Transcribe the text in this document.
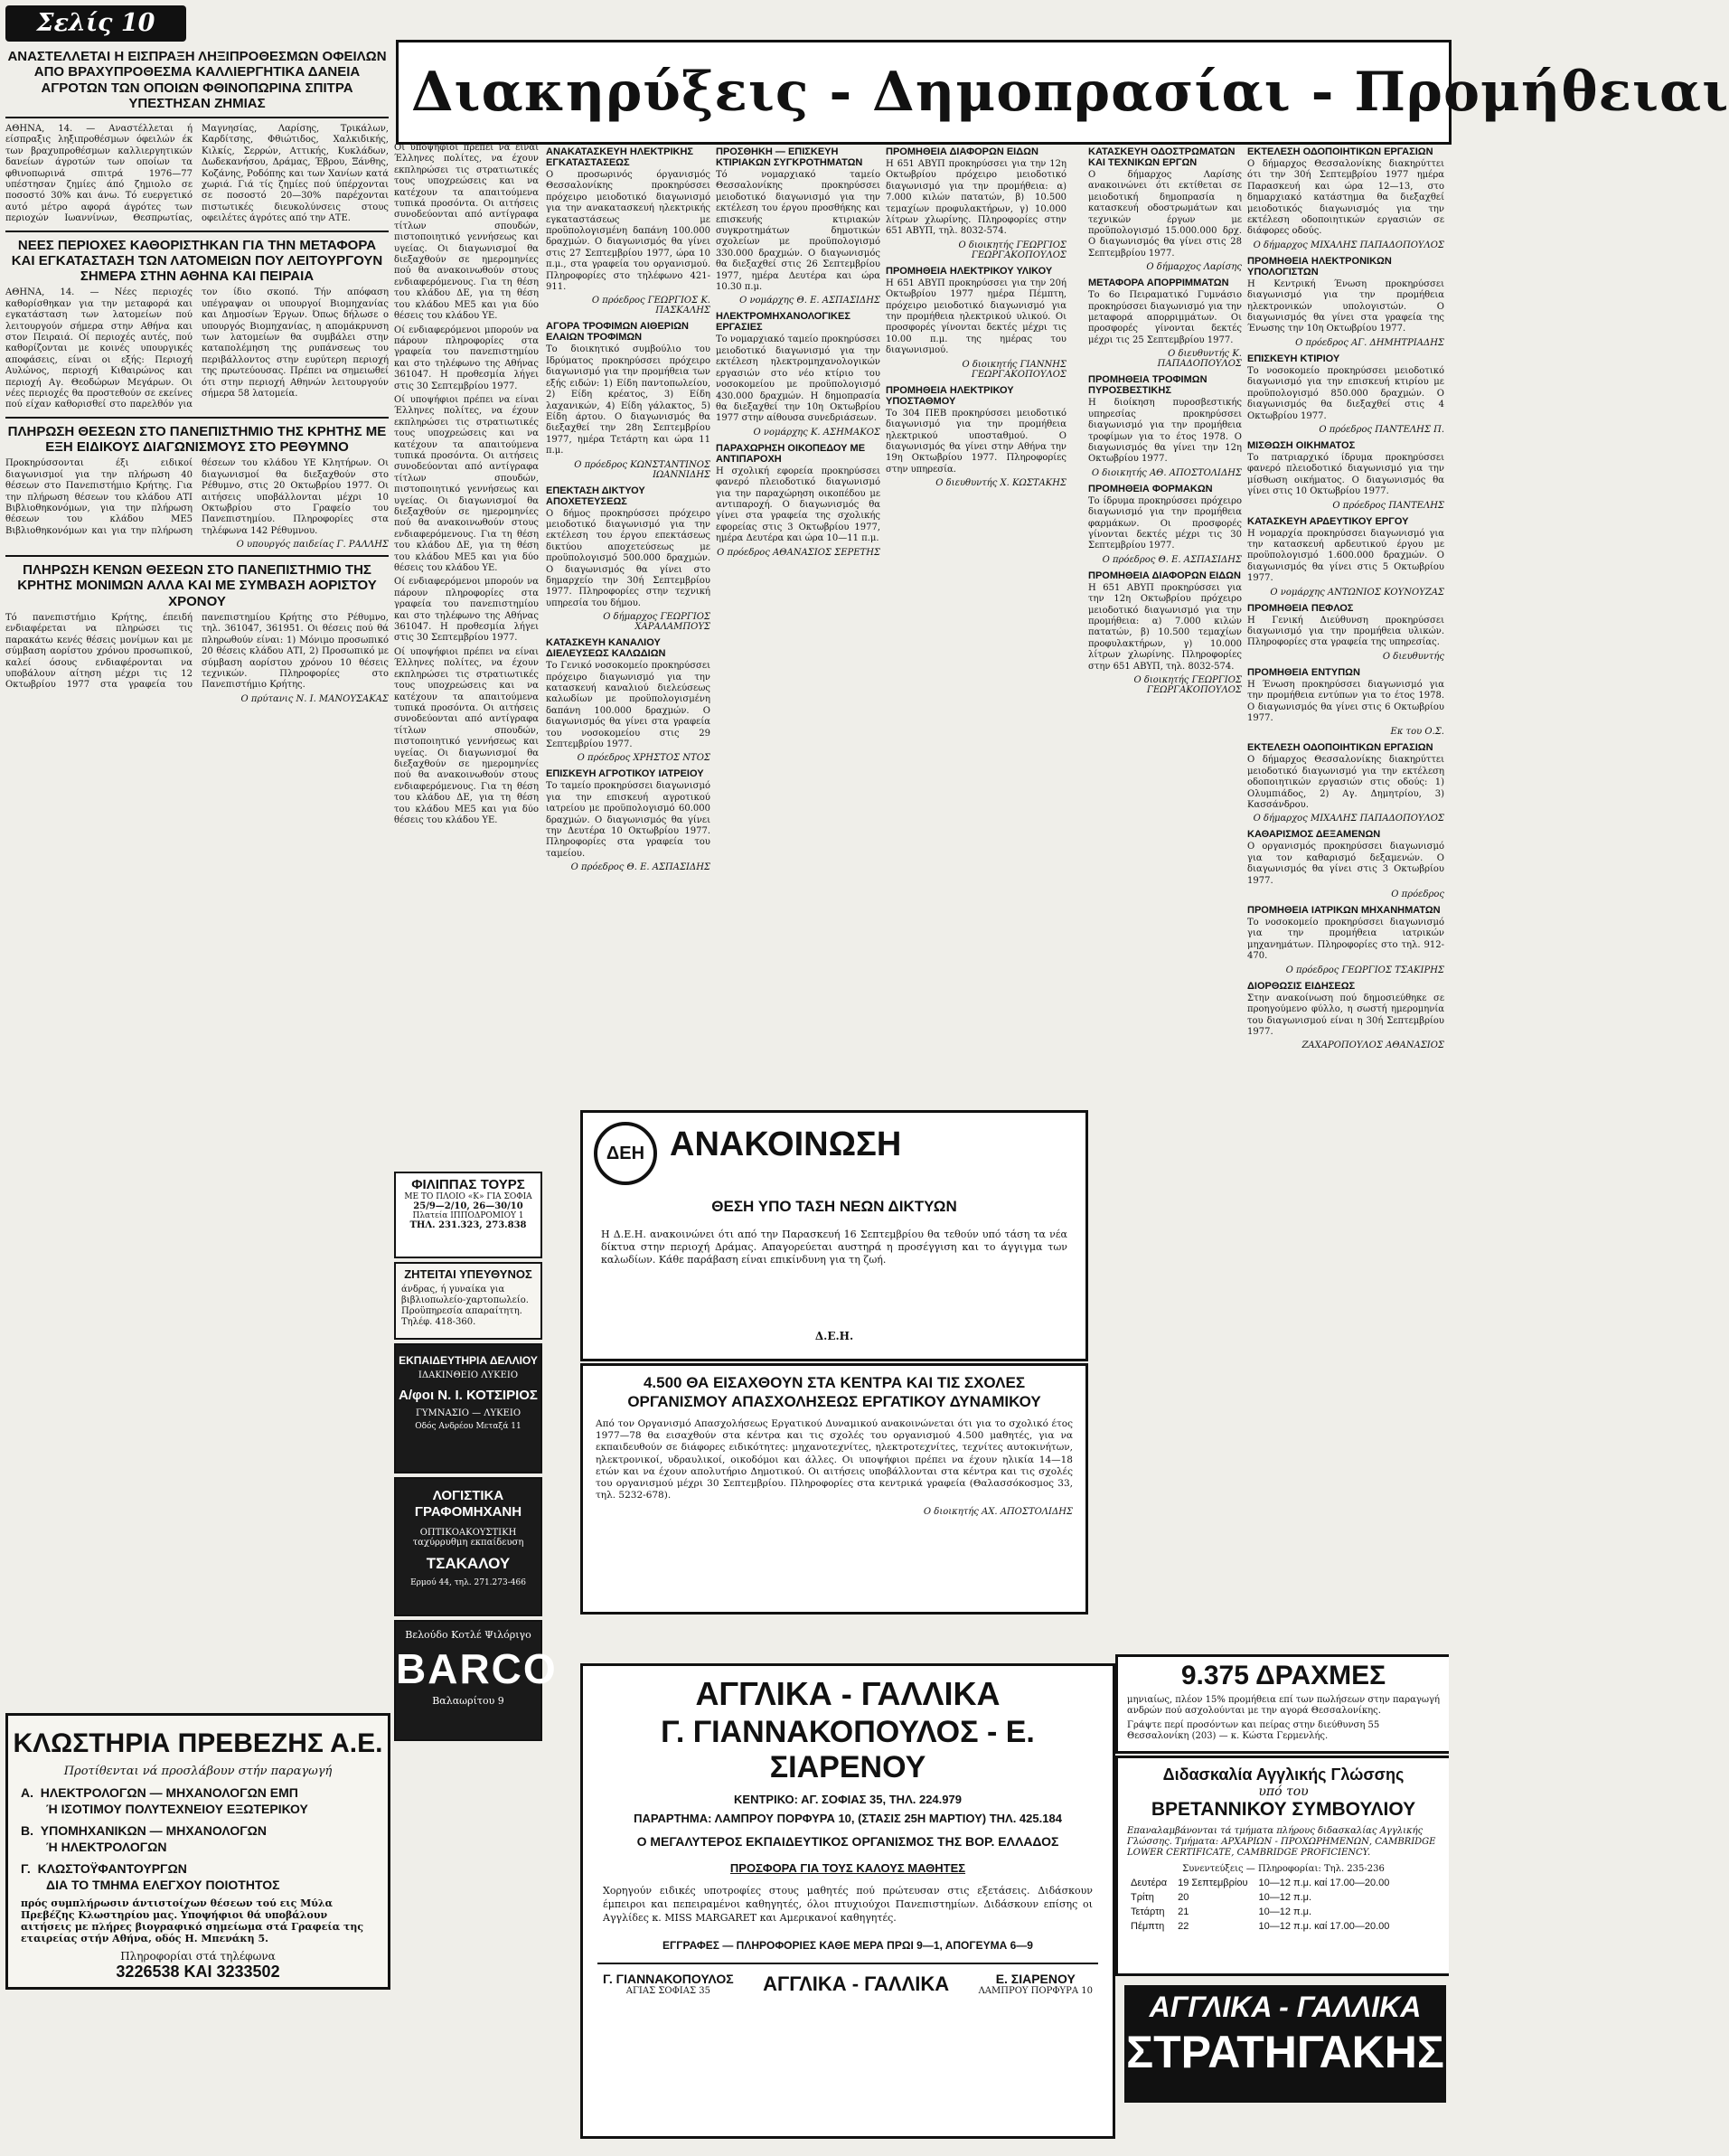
Σελίς 10
Διακηρύξεις - Δημοπρασίαι - Προμήθειαι
ΑΝΑΣΤΕΛΛΕΤΑΙ Η ΕΙΣΠΡΑΞΗ ΛΗΞΙΠΡΟΘΕΣΜΩΝ ΟΦΕΙΛΩΝ ΑΠΟ ΒΡΑΧΥΠΡΟΘΕΣΜΑ ΚΑΛΛΙΕΡΓΗΤΙΚΑ ΔΑΝΕΙΑ ΑΓΡΟΤΩΝ ΤΩΝ ΟΠΟΙΩΝ ΦΘΙΝΟΠΩΡΙΝΑ ΣΠΙΤΡΑ ΥΠΕΣΤΗΣΑΝ ΖΗΜΙΑΣ

ΑΘΗΝΑ, 14. — Αναστέλλεται ή είσπραξις ληξιπροθέσμων όφειλών έκ των βραχυπροθέσμων καλλιεργητικών δανείων άγροτών των οποίων τα φθινοπωρινά σπιτρά 1976—77 υπέστησαν ζημίες άπό ζημιολο σε ποσοστό 30% και άνω. Τό ευεργετικό αυτό μέτρο αφορά άγρότες των περιοχών Ιωαννίνων, Θεσπρωτίας, Μαγνησίας, Λαρίσης, Τρικάλων, Καρδίτσης, Φθιώτιδος, Χαλκιδικής, Κιλκίς, Σερρών, Αττικής, Κυκλάδων, Δωδεκανήσου, Δράμας, Έβρου, Ξάνθης, Κοζάνης, Ροδόπης και των Χανίων κατά χωριά. Γιά τίς ζημίες πού ύπέρχονται σε ποσοστό 20—30% παρέχονται πιστωτικές διευκολύνσεις στους οφειλέτες άγρότες από την ΑΤΕ.

ΝΕΕΣ ΠΕΡΙΟΧΕΣ ΚΑΘΟΡΙΣΤΗΚΑΝ ΓΙΑ ΤΗΝ ΜΕΤΑΦΟΡΑ ΚΑΙ ΕΓΚΑΤΑΣΤΑΣΗ ΤΩΝ ΛΑΤΟΜΕΙΩΝ ΠΟΥ ΛΕΙΤΟΥΡΓΟΥΝ ΣΗΜΕΡΑ ΣΤΗΝ ΑΘΗΝΑ ΚΑΙ ΠΕΙΡΑΙΑ

ΑΘΗΝΑ, 14. — Νέες περιοχές καθορίσθηκαν για την μεταφορά και εγκατάσταση των λατομείων πού λειτουργούν σήμερα στην Αθήνα και στον Πειραιά. Οί περιοχές αυτές, πού καθορίζονται με κοινές υπουργικές αποφάσεις, είναι οι εξής: Περιοχή Αυλώνος, περιοχή Κιθαιρώνος και περιοχή Αγ. Θεοδώρων Μεγάρων. Οι νέες περιοχές θα προστεθούν σε εκείνες πού είχαν καθορισθεί στο παρελθόν για τον ίδιο σκοπό. Τήν απόφαση υπέγραψαν οι υπουργοί Βιομηχανίας και Δημοσίων Έργων. Όπως δήλωσε ο υπουργός Βιομηχανίας, η απομάκρυνση των λατομείων θα συμβάλει στην καταπολέμηση της ρυπάνσεως του περιβάλλοντος στην ευρύτερη περιοχή της πρωτεύουσας. Πρέπει να σημειωθεί ότι στην περιοχή Αθηνών λειτουργούν σήμερα 58 λατομεία.

ΠΛΗΡΩΣΗ ΘΕΣΕΩΝ ΣΤΟ ΠΑΝΕΠΙΣΤΗΜΙΟ ΤΗΣ ΚΡΗΤΗΣ ΜΕ ΕΞΗ ΕΙΔΙΚΟΥΣ ΔΙΑΓΩΝΙΣΜΟΥΣ ΣΤΟ ΡΕΘΥΜΝΟ

Προκηρύσσονται έξι ειδικοί διαγωνισμοί για την πλήρωση 40 θέσεων στο Πανεπιστήμιο Κρήτης. Για την πλήρωση θέσεων του κλάδου ΑΤΙ Βιβλιοθηκονόμων, για την πλήρωση θέσεων του κλάδου ΜΕ5 Βιβλιοθηκονόμων και για την πλήρωση θέσεων του κλάδου ΥΕ Κλητήρων. Οι διαγωνισμοί θα διεξαχθούν στο Ρέθυμνο, στις 20 Οκτωβρίου 1977. Οι αιτήσεις υποβάλλονται μέχρι 10 Οκτωβρίου στο Γραφείο του Πανεπιστημίου. Πληροφορίες στα τηλέφωνα 142 Ρέθυμνου.

Ο υπουργός παιδείας Γ. ΡΑΛΛΗΣ
ΠΛΗΡΩΣΗ ΚΕΝΩΝ ΘΕΣΕΩΝ ΣΤΟ ΠΑΝΕΠΙΣΤΗΜΙΟ ΤΗΣ ΚΡΗΤΗΣ ΜΟΝΙΜΩΝ ΑΛΛΑ ΚΑΙ ΜΕ ΣΥΜΒΑΣΗ ΑΟΡΙΣΤΟΥ ΧΡΟΝΟΥ

Τό πανεπιστήμιο Κρήτης, έπειδή ενδιαφέρεται να πληρώσει τις παρακάτω κενές θέσεις μονίμων και με σύμβαση αορίστου χρόνου προσωπικού, καλεί όσους ενδιαφέρονται να υποβάλουν αίτηση μέχρι τις 12 Οκτωβρίου 1977 στα γραφεία του πανεπιστημίου Κρήτης στο Ρέθυμνο, τηλ. 361047, 361951. Οι θέσεις πού θά πληρωθούν είναι: 1) Μόνιμο προσωπικό 20 θέσεις κλάδου ΑΤΙ, 2) Προσωπικό με σύμβαση αορίστου χρόνου 10 θέσεις τεχνικών. Πληροφορίες στο Πανεπιστήμιο Κρήτης.

Ο πρύτανις Ν. Ι. ΜΑΝΟΥΣΑΚΑΣ
ΚΛΩΣΤΗΡΙΑ ΠΡΕΒΕΖΗΣ Α.Ε.
Προτίθενται νά προσλάβουν στήν παραγωγή
Α. ΗΛΕΚΤΡΟΛΟΓΩΝ — ΜΗΧΑΝΟΛΟΓΩΝ ΕΜΠ
Ή ΙΣΟΤΙΜΟΥ ΠΟΛΥΤΕΧΝΕΙΟΥ ΕΞΩΤΕΡΙΚΟΥ
Β. ΥΠΟΜΗΧΑΝΙΚΩΝ — ΜΗΧΑΝΟΛΟΓΩΝ
Ή ΗΛΕΚΤΡΟΛΟΓΩΝ
Γ. ΚΛΩΣΤΟΫΦΑΝΤΟΥΡΓΩΝ
ΔΙΑ ΤΟ ΤΜΗΜΑ ΕΛΕΓΧΟΥ ΠΟΙΟΤΗΤΟΣ

πρός συμπλήρωσιν άντιστοίχων θέσεων τού εις Μύλα Πρεβέζης Κλωστηρίου μας. Υποψήφιοι θά υποβάλουν αιτήσεις με πλήρες βιογραφικό σημείωμα στά Γραφεία της εταιρείας στήν Αθήνα, οδός Η. Μπενάκη 5.

Πληροφορίαι στά τηλέφωνα
3226538 ΚΑΙ 3233502

Οί υποψήφιοι πρέπει να είναι Έλληνες πολίτες, να έχουν εκπληρώσει τις στρατιωτικές τους υποχρεώσεις και να κατέχουν τα απαιτούμενα τυπικά προσόντα. Οι αιτήσεις συνοδεύονται από αντίγραφα τίτλων σπουδών, πιστοποιητικό γεννήσεως και υγείας. Οι διαγωνισμοί θα διεξαχθούν σε ημερομηνίες πού θα ανακοινωθούν στους ενδιαφερόμενους. Για τη θέση του κλάδου ΔΕ, για τη θέση του κλάδου ΜΕ5 και για δύο θέσεις του κλάδου ΥΕ.

Οί ενδιαφερόμενοι μπορούν να πάρουν πληροφορίες στα γραφεία του πανεπιστημίου και στο τηλέφωνο της Αθήνας 361047. Η προθεσμία λήγει στις 30 Σεπτεμβρίου 1977.

Οί υποψήφιοι πρέπει να είναι Έλληνες πολίτες, να έχουν εκπληρώσει τις στρατιωτικές τους υποχρεώσεις και να κατέχουν τα απαιτούμενα τυπικά προσόντα. Οι αιτήσεις συνοδεύονται από αντίγραφα τίτλων σπουδών, πιστοποιητικό γεννήσεως και υγείας. Οι διαγωνισμοί θα διεξαχθούν σε ημερομηνίες πού θα ανακοινωθούν στους ενδιαφερόμενους. Για τη θέση του κλάδου ΔΕ, για τη θέση του κλάδου ΜΕ5 και για δύο θέσεις του κλάδου ΥΕ.

Οί ενδιαφερόμενοι μπορούν να πάρουν πληροφορίες στα γραφεία του πανεπιστημίου και στο τηλέφωνο της Αθήνας 361047. Η προθεσμία λήγει στις 30 Σεπτεμβρίου 1977.

Οί υποψήφιοι πρέπει να είναι Έλληνες πολίτες, να έχουν εκπληρώσει τις στρατιωτικές τους υποχρεώσεις και να κατέχουν τα απαιτούμενα τυπικά προσόντα. Οι αιτήσεις συνοδεύονται από αντίγραφα τίτλων σπουδών, πιστοποιητικό γεννήσεως και υγείας. Οι διαγωνισμοί θα διεξαχθούν σε ημερομηνίες πού θα ανακοινωθούν στους ενδιαφερόμενους. Για τη θέση του κλάδου ΔΕ, για τη θέση του κλάδου ΜΕ5 και για δύο θέσεις του κλάδου ΥΕ.

ΦΙΛΙΠΠΑΣ ΤΟΥΡΣ
ΜΕ ΤΟ ΠΛΟΙΟ «Κ» ΓΙΑ ΣΟΦΙΑ
25/9—2/10, 26—30/10
Πλατεία ΙΠΠΟΔΡΟΜΙΟΥ 1
ΤΗΛ. 231.323, 273.838
ΖΗΤΕΙΤΑΙ ΥΠΕΥΘΥΝΟΣ
άνδρας, ή γυναίκα για βιβλιοπωλείο-χαρτοπωλείο. Προϋπηρεσία απαραίτητη. Τηλέφ. 418-360.
ΕΚΠΑΙΔΕΥΤΗΡΙΑ ΔΕΛΛΙΟΥ
ΙΔΑΚΙΝΘΕΙΟ ΛΥΚΕΙΟ
Α/φοι Ν. Ι. ΚΟΤΣΙΡΙΟΣ
ΓΥΜΝΑΣΙΟ — ΛΥΚΕΙΟ
Οδός Ανδρέου Μεταξά 11
ΛΟΓΙΣΤΙΚΑ ΓΡΑΦΟΜΗΧΑΝΗ
ΟΠΤΙΚΟΑΚΟΥΣΤΙΚΗ ταχύρρυθμη εκπαίδευση
ΤΣΑΚΑΛΟΥ
Ερμού 44, τηλ. 271.273-466
Βελούδο Κοτλέ Ψιλόριγο
BARCO
Βαλαωρίτου 9
ΑΝΑΚΑΤΑΣΚΕΥΗ ΗΛΕΚΤΡΙΚΗΣ ΕΓΚΑΤΑΣΤΑΣΕΩΣ

Ο προσωρινός όργανισμός Θεσσαλονίκης προκηρύσσει πρόχειρο μειοδοτικό διαγωνισμό για την ανακατασκευή ηλεκτρικής εγκαταστάσεως με προϋπολογισμένη δαπάνη 100.000 δραχμών. Ο διαγωνισμός θα γίνει στις 27 Σεπτεμβρίου 1977, ώρα 10 π.μ., στα γραφεία του οργανισμού. Πληροφορίες στο τηλέφωνο 421-911.

Ο πρόεδρος ΓΕΩΡΓΙΟΣ Κ. ΠΑΣΚΑΛΗΣ
ΑΓΟΡΑ ΤΡΟΦΙΜΩΝ ΑΙΘΕΡΙΩΝ ΕΛΑΙΩΝ ΤΡΟΦΙΜΩΝ

Το διοικητικό συμβούλιο του Ιδρύματος προκηρύσσει πρόχειρο διαγωνισμό για την προμήθεια των εξής ειδών: 1) Είδη παντοπωλείου, 2) Είδη κρέατος, 3) Είδη λαχανικών, 4) Είδη γάλακτος, 5) Είδη άρτου. Ο διαγωνισμός θα διεξαχθεί την 28η Σεπτεμβρίου 1977, ημέρα Τετάρτη και ώρα 11 π.μ.

Ο πρόεδρος ΚΩΝΣΤΑΝΤΙΝΟΣ ΙΩΑΝΝΙΔΗΣ
ΕΠΕΚΤΑΣΗ ΔΙΚΤΥΟΥ ΑΠΟΧΕΤΕΥΣΕΩΣ

Ο δήμος προκηρύσσει πρόχειρο μειοδοτικό διαγωνισμό για την εκτέλεση του έργου επεκτάσεως δικτύου αποχετεύσεως με προϋπολογισμό 500.000 δραχμών. Ο διαγωνισμός θα γίνει στο δημαρχείο την 30ή Σεπτεμβρίου 1977. Πληροφορίες στην τεχνική υπηρεσία του δήμου.

Ο δήμαρχος ΓΕΩΡΓΙΟΣ ΧΑΡΑΛΑΜΠΟΥΣ
ΚΑΤΑΣΚΕΥΗ ΚΑΝΑΛΙΟΥ ΔΙΕΛΕΥΣΕΩΣ ΚΑΛΩΔΙΩΝ

Το Γενικό νοσοκομείο προκηρύσσει πρόχειρο διαγωνισμό για την κατασκευή καναλιού διελεύσεως καλωδίων με προϋπολογισμένη δαπάνη 100.000 δραχμών. Ο διαγωνισμός θα γίνει στα γραφεία του νοσοκομείου στις 29 Σεπτεμβρίου 1977.

Ο πρόεδρος ΧΡΗΣΤΟΣ ΝΤΟΣ
ΕΠΙΣΚΕΥΗ ΑΓΡΟΤΙΚΟΥ ΙΑΤΡΕΙΟΥ

Το ταμείο προκηρύσσει διαγωνισμό για την επισκευή αγροτικού ιατρείου με προϋπολογισμό 60.000 δραχμών. Ο διαγωνισμός θα γίνει την Δευτέρα 10 Οκτωβρίου 1977. Πληροφορίες στα γραφεία του ταμείου.

Ο πρόεδρος Θ. Ε. ΑΣΠΑΣΙΔΗΣ
ΠΡΟΣΘΗΚΗ — ΕΠΙΣΚΕΥΗ ΚΤΙΡΙΑΚΩΝ ΣΥΓΚΡΟΤΗΜΑΤΩΝ

Τό νομαρχιακό ταμείο Θεσσαλονίκης προκηρύσσει μειοδοτικό διαγωνισμό για την εκτέλεση του έργου προσθήκης και επισκευής κτιριακών συγκροτημάτων δημοτικών σχολείων με προϋπολογισμό 330.000 δραχμών. Ο διαγωνισμός θα διεξαχθεί στις 26 Σεπτεμβρίου 1977, ημέρα Δευτέρα και ώρα 10.30 π.μ.

Ο νομάρχης Θ. Ε. ΑΣΠΑΣΙΔΗΣ
ΗΛΕΚΤΡΟΜΗΧΑΝΟΛΟΓΙΚΕΣ ΕΡΓΑΣΙΕΣ

Το νομαρχιακό ταμείο προκηρύσσει μειοδοτικό διαγωνισμό για την εκτέλεση ηλεκτρομηχανολογικών εργασιών στο νέο κτίριο του νοσοκομείου με προϋπολογισμό 430.000 δραχμών. Η δημοπρασία θα διεξαχθεί την 10η Οκτωβρίου 1977 στην αίθουσα συνεδριάσεων.

Ο νομάρχης Κ. ΑΣΗΜΑΚΟΣ
ΠΑΡΑΧΩΡΗΣΗ ΟΙΚΟΠΕΔΟΥ ΜΕ ΑΝΤΙΠΑΡΟΧΗ

Η σχολική εφορεία προκηρύσσει φανερό πλειοδοτικό διαγωνισμό για την παραχώρηση οικοπέδου με αντιπαροχή. Ο διαγωνισμός θα γίνει στα γραφεία της σχολικής εφορείας στις 3 Οκτωβρίου 1977, ημέρα Δευτέρα και ώρα 10—11 π.μ.

Ο πρόεδρος ΑΘΑΝΑΣΙΟΣ ΣΕΡΕΤΗΣ
ΠΡΟΜΗΘΕΙΑ ΔΙΑΦΟΡΩΝ ΕΙΔΩΝ

Η 651 ΑΒΥΠ προκηρύσσει για την 12η Οκτωβρίου πρόχειρο μειοδοτικό διαγωνισμό για την προμήθεια: α) 7.000 κιλών πατατών, β) 10.500 τεμαχίων προφυλακτήρων, γ) 10.000 λίτρων χλωρίνης. Πληροφορίες στην 651 ΑΒΥΠ, τηλ. 8032-574.

Ο διοικητής ΓΕΩΡΓΙΟΣ ΓΕΩΡΓΑΚΟΠΟΥΛΟΣ
ΠΡΟΜΗΘΕΙΑ ΗΛΕΚΤΡΙΚΟΥ ΥΛΙΚΟΥ

Η 651 ΑΒΥΠ προκηρύσσει για την 20ή Οκτωβρίου 1977 ημέρα Πέμπτη, πρόχειρο μειοδοτικό διαγωνισμό για την προμήθεια ηλεκτρικού υλικού. Οι προσφορές γίνονται δεκτές μέχρι τις 10.00 π.μ. της ημέρας του διαγωνισμού.

Ο διοικητής ΓΙΑΝΝΗΣ ΓΕΩΡΓΑΚΟΠΟΥΛΟΣ
ΠΡΟΜΗΘΕΙΑ ΗΛΕΚΤΡΙΚΟΥ ΥΠΟΣΤΑΘΜΟΥ

Το 304 ΠΕΒ προκηρύσσει μειοδοτικό διαγωνισμό για την προμήθεια ηλεκτρικού υποσταθμού. Ο διαγωνισμός θα γίνει στην Αθήνα την 19η Οκτωβρίου 1977. Πληροφορίες στην υπηρεσία.

Ο διευθυντής Χ. ΚΩΣΤΑΚΗΣ
ΔΕΗ ΑΝΑΚΟΙΝΩΣΗ
ΘΕΣΗ ΥΠΟ ΤΑΣΗ ΝΕΩΝ ΔΙΚΤΥΩΝ

Η Δ.Ε.Η. ανακοινώνει ότι από την Παρασκευή 16 Σεπτεμβρίου θα τεθούν υπό τάση τα νέα δίκτυα στην περιοχή Δράμας. Απαγορεύεται αυστηρά η προσέγγιση και το άγγιγμα των καλωδίων. Κάθε παράβαση είναι επικίνδυνη για τη ζωή.

Δ.Ε.Η.
4.500 ΘΑ ΕΙΣΑΧΘΟΥΝ ΣΤΑ ΚΕΝΤΡΑ ΚΑΙ ΤΙΣ ΣΧΟΛΕΣ ΟΡΓΑΝΙΣΜΟΥ ΑΠΑΣΧΟΛΗΣΕΩΣ ΕΡΓΑΤΙΚΟΥ ΔΥΝΑΜΙΚΟΥ

Από τον Οργανισμό Απασχολήσεως Εργατικού Δυναμικού ανακοινώνεται ότι για το σχολικό έτος 1977—78 θα εισαχθούν στα κέντρα και τις σχολές του οργανισμού 4.500 μαθητές, για να εκπαιδευθούν σε διάφορες ειδικότητες: μηχανοτεχνίτες, ηλεκτροτεχνίτες, τεχνίτες αυτοκινήτων, ηλεκτρονικοί, υδραυλικοί, οικοδόμοι και άλλες. Οι υποψήφιοι πρέπει να έχουν ηλικία 14—18 ετών και να έχουν απολυτήριο Δημοτικού. Οι αιτήσεις υποβάλλονται στα κέντρα και τις σχολές του οργανισμού μέχρι 30 Σεπτεμβρίου. Πληροφορίες στα κεντρικά γραφεία (Θαλασσόκοσμος 33, τηλ. 5232-678).

Ο διοικητής ΑΧ. ΑΠΟΣΤΟΛΙΔΗΣ
ΚΑΤΑΣΚΕΥΗ ΟΔΟΣΤΡΩΜΑΤΩΝ ΚΑΙ ΤΕΧΝΙΚΩΝ ΕΡΓΩΝ

Ο δήμαρχος Λαρίσης ανακοινώνει ότι εκτίθεται σε μειοδοτική δημοπρασία η κατασκευή οδοστρωμάτων και τεχνικών έργων με προϋπολογισμό 15.000.000 δρχ. Ο διαγωνισμός θα γίνει στις 28 Σεπτεμβρίου 1977.

Ο δήμαρχος Λαρίσης
ΜΕΤΑΦΟΡΑ ΑΠΟΡΡΙΜΜΑΤΩΝ

Το 6ο Πειραματικό Γυμνάσιο προκηρύσσει διαγωνισμό για την μεταφορά απορριμμάτων. Οι προσφορές γίνονται δεκτές μέχρι τις 25 Σεπτεμβρίου 1977.

Ο διευθυντής Κ. ΠΑΠΑΔΟΠΟΥΛΟΣ
ΠΡΟΜΗΘΕΙΑ ΤΡΟΦΙΜΩΝ ΠΥΡΟΣΒΕΣΤΙΚΗΣ

Η διοίκηση πυροσβεστικής υπηρεσίας προκηρύσσει διαγωνισμό για την προμήθεια τροφίμων για το έτος 1978. Ο διαγωνισμός θα γίνει την 12η Οκτωβρίου 1977.

Ο διοικητής ΑΘ. ΑΠΟΣΤΟΛΙΔΗΣ
ΠΡΟΜΗΘΕΙΑ ΦΟΡΜΑΚΩΝ

Το ίδρυμα προκηρύσσει πρόχειρο διαγωνισμό για την προμήθεια φαρμάκων. Οι προσφορές γίνονται δεκτές μέχρι τις 30 Σεπτεμβρίου 1977.

Ο πρόεδρος Θ. Ε. ΑΣΠΑΣΙΔΗΣ
ΠΡΟΜΗΘΕΙΑ ΔΙΑΦΟΡΩΝ ΕΙΔΩΝ

Η 651 ΑΒΥΠ προκηρύσσει για την 12η Οκτωβρίου πρόχειρο μειοδοτικό διαγωνισμό για την προμήθεια: α) 7.000 κιλών πατατών, β) 10.500 τεμαχίων προφυλακτήρων, γ) 10.000 λίτρων χλωρίνης. Πληροφορίες στην 651 ΑΒΥΠ, τηλ. 8032-574.

Ο διοικητής ΓΕΩΡΓΙΟΣ ΓΕΩΡΓΑΚΟΠΟΥΛΟΣ
9.375 ΔΡΑΧΜΕΣ

μηνιαίως, πλέον 15% προμήθεια επί των πωλήσεων στην παραγωγή ανδρών πού ασχολούνται με την αγορά Θεσσαλονίκης.

Γράψτε περί προσόντων και πείρας στην διεύθυνση 55 Θεσσαλονίκη (203) — κ. Κώστα Γερμενλής.

Διδασκαλία Αγγλικής Γλώσσης
υπό του
ΒΡΕΤΑΝΝΙΚΟΥ ΣΥΜΒΟΥΛΙΟΥ

Επαναλαμβάνονται τά τμήματα πλήρους διδασκαλίας Αγγλικής Γλώσσης. Τμήματα: ΑΡΧΑΡΙΩΝ - ΠΡΟΧΩΡΗΜΕΝΩΝ, CAMBRIDGE LOWER CERTIFICATE, CAMBRIDGE PROFICIENCY.

Συνεντεύξεις — Πληροφορίαι: Τηλ. 235-236
Δευτέρα	19 Σεπτεμβρίου	10—12 π.μ. καί 17.00—20.00
Τρίτη	20	10—12 π.μ.
Τετάρτη	21	10—12 π.μ.
Πέμπτη	22	10—12 π.μ. καί 17.00—20.00
ΑΓΓΛΙΚΑ - ΓΑΛΛΙΚΑ
ΣΤΡΑΤΗΓΑΚΗΣ
ΑΓΓΛΙΚΑ - ΓΑΛΛΙΚΑ
Γ. ΓΙΑΝΝΑΚΟΠΟΥΛΟΣ - Ε. ΣΙΑΡΕΝΟΥ
ΚΕΝΤΡΙΚΟ: ΑΓ. ΣΟΦΙΑΣ 35, ΤΗΛ. 224.979
ΠΑΡΑΡΤΗΜΑ: ΛΑΜΠΡΟΥ ΠΟΡΦΥΡΑ 10, (ΣΤΑΣΙΣ 25Η ΜΑΡΤΙΟΥ) ΤΗΛ. 425.184
Ο ΜΕΓΑΛΥΤΕΡΟΣ ΕΚΠΑΙΔΕΥΤΙΚΟΣ ΟΡΓΑΝΙΣΜΟΣ ΤΗΣ ΒΟΡ. ΕΛΛΑΔΟΣ
ΠΡΟΣΦΟΡΑ ΓΙΑ ΤΟΥΣ ΚΑΛΟΥΣ ΜΑΘΗΤΕΣ

Χορηγούν ειδικές υποτροφίες στους μαθητές πού πρώτευσαν στις εξετάσεις. Διδάσκουν έμπειροι και πεπειραμένοι καθηγητές, όλοι πτυχιούχοι Πανεπιστημίων. Διδάσκουν επίσης οι Αγγλίδες κ. MISS MARGARET και Αμερικανοί καθηγητές.

ΕΓΓΡΑΦΕΣ — ΠΛΗΡΟΦΟΡΙΕΣ ΚΑΘΕ ΜΕΡΑ ΠΡΩΙ 9—1, ΑΠΟΓΕΥΜΑ 6—9
Γ. ΓΙΑΝΝΑΚΟΠΟΥΛΟΣ
ΑΓΙΑΣ ΣΟΦΙΑΣ 35	ΑΓΓΛΙΚΑ - ΓΑΛΛΙΚΑ	Ε. ΣΙΑΡΕΝΟΥ
ΛΑΜΠΡΟΥ ΠΟΡΦΥΡΑ 10
ΕΚΤΕΛΕΣΗ ΟΔΟΠΟΙΗΤΙΚΩΝ ΕΡΓΑΣΙΩΝ

Ο δήμαρχος Θεσσαλονίκης διακηρύττει ότι την 30ή Σεπτεμβρίου 1977 ημέρα Παρασκευή και ώρα 12—13, στο δημαρχιακό κατάστημα θα διεξαχθεί μειοδοτικός διαγωνισμός για την εκτέλεση οδοποιητικών εργασιών σε διάφορες οδούς.

Ο δήμαρχος ΜΙΧΑΛΗΣ ΠΑΠΑΔΟΠΟΥΛΟΣ
ΠΡΟΜΗΘΕΙΑ ΗΛΕΚΤΡΟΝΙΚΩΝ ΥΠΟΛΟΓΙΣΤΩΝ

Η Κεντρική Ένωση προκηρύσσει διαγωνισμό για την προμήθεια ηλεκτρονικών υπολογιστών. Ο διαγωνισμός θα γίνει στα γραφεία της Ένωσης την 10η Οκτωβρίου 1977.

Ο πρόεδρος ΑΓ. ΔΗΜΗΤΡΙΑΔΗΣ
ΕΠΙΣΚΕΥΗ ΚΤΙΡΙΟΥ

Το νοσοκομείο προκηρύσσει μειοδοτικό διαγωνισμό για την επισκευή κτιρίου με προϋπολογισμό 850.000 δραχμών. Ο διαγωνισμός θα διεξαχθεί στις 4 Οκτωβρίου 1977.

Ο πρόεδρος ΠΑΝΤΕΛΗΣ Π.
ΜΙΣΘΩΣΗ ΟΙΚΗΜΑΤΟΣ

Το πατριαρχικό ίδρυμα προκηρύσσει φανερό πλειοδοτικό διαγωνισμό για την μίσθωση οικήματος. Ο διαγωνισμός θα γίνει στις 10 Οκτωβρίου 1977.

Ο πρόεδρος ΠΑΝΤΕΛΗΣ
ΚΑΤΑΣΚΕΥΗ ΑΡΔΕΥΤΙΚΟΥ ΕΡΓΟΥ

Η νομαρχία προκηρύσσει διαγωνισμό για την κατασκευή αρδευτικού έργου με προϋπολογισμό 1.600.000 δραχμών. Ο διαγωνισμός θα γίνει στις 5 Οκτωβρίου 1977.

Ο νομάρχης ΑΝΤΩΝΙΟΣ ΚΟΥΝΟΥΖΑΣ
ΠΡΟΜΗΘΕΙΑ ΠΕΦΛΟΣ

Η Γενική Διεύθυνση προκηρύσσει διαγωνισμό για την προμήθεια υλικών. Πληροφορίες στα γραφεία της υπηρεσίας.

Ο διευθυντής
ΠΡΟΜΗΘΕΙΑ ΕΝΤΥΠΩΝ

Η Ένωση προκηρύσσει διαγωνισμό για την προμήθεια εντύπων για το έτος 1978. Ο διαγωνισμός θα γίνει στις 6 Οκτωβρίου 1977.

Εκ του Ο.Σ.
ΕΚΤΕΛΕΣΗ ΟΔΟΠΟΙΗΤΙΚΩΝ ΕΡΓΑΣΙΩΝ

Ο δήμαρχος Θεσσαλονίκης διακηρύττει μειοδοτικό διαγωνισμό για την εκτέλεση οδοποιητικών εργασιών στις οδούς: 1) Ολυμπιάδος, 2) Αγ. Δημητρίου, 3) Κασσάνδρου.

Ο δήμαρχος ΜΙΧΑΛΗΣ ΠΑΠΑΔΟΠΟΥΛΟΣ
ΚΑΘΑΡΙΣΜΟΣ ΔΕΞΑΜΕΝΩΝ

Ο οργανισμός προκηρύσσει διαγωνισμό για τον καθαρισμό δεξαμενών. Ο διαγωνισμός θα γίνει στις 3 Οκτωβρίου 1977.

Ο πρόεδρος
ΠΡΟΜΗΘΕΙΑ ΙΑΤΡΙΚΩΝ ΜΗΧΑΝΗΜΑΤΩΝ

Το νοσοκομείο προκηρύσσει διαγωνισμό για την προμήθεια ιατρικών μηχανημάτων. Πληροφορίες στο τηλ. 912-470.

Ο πρόεδρος ΓΕΩΡΓΙΟΣ ΤΣΑΚΙΡΗΣ
ΔΙΟΡΘΩΣΙΣ ΕΙΔΗΣΕΩΣ

Στην ανακοίνωση πού δημοσιεύθηκε σε προηγούμενο φύλλο, η σωστή ημερομηνία του διαγωνισμού είναι η 30ή Σεπτεμβρίου 1977.

ΖΑΧΑΡΟΠΟΥΛΟΣ ΑΘΑΝΑΣΙΟΣ
